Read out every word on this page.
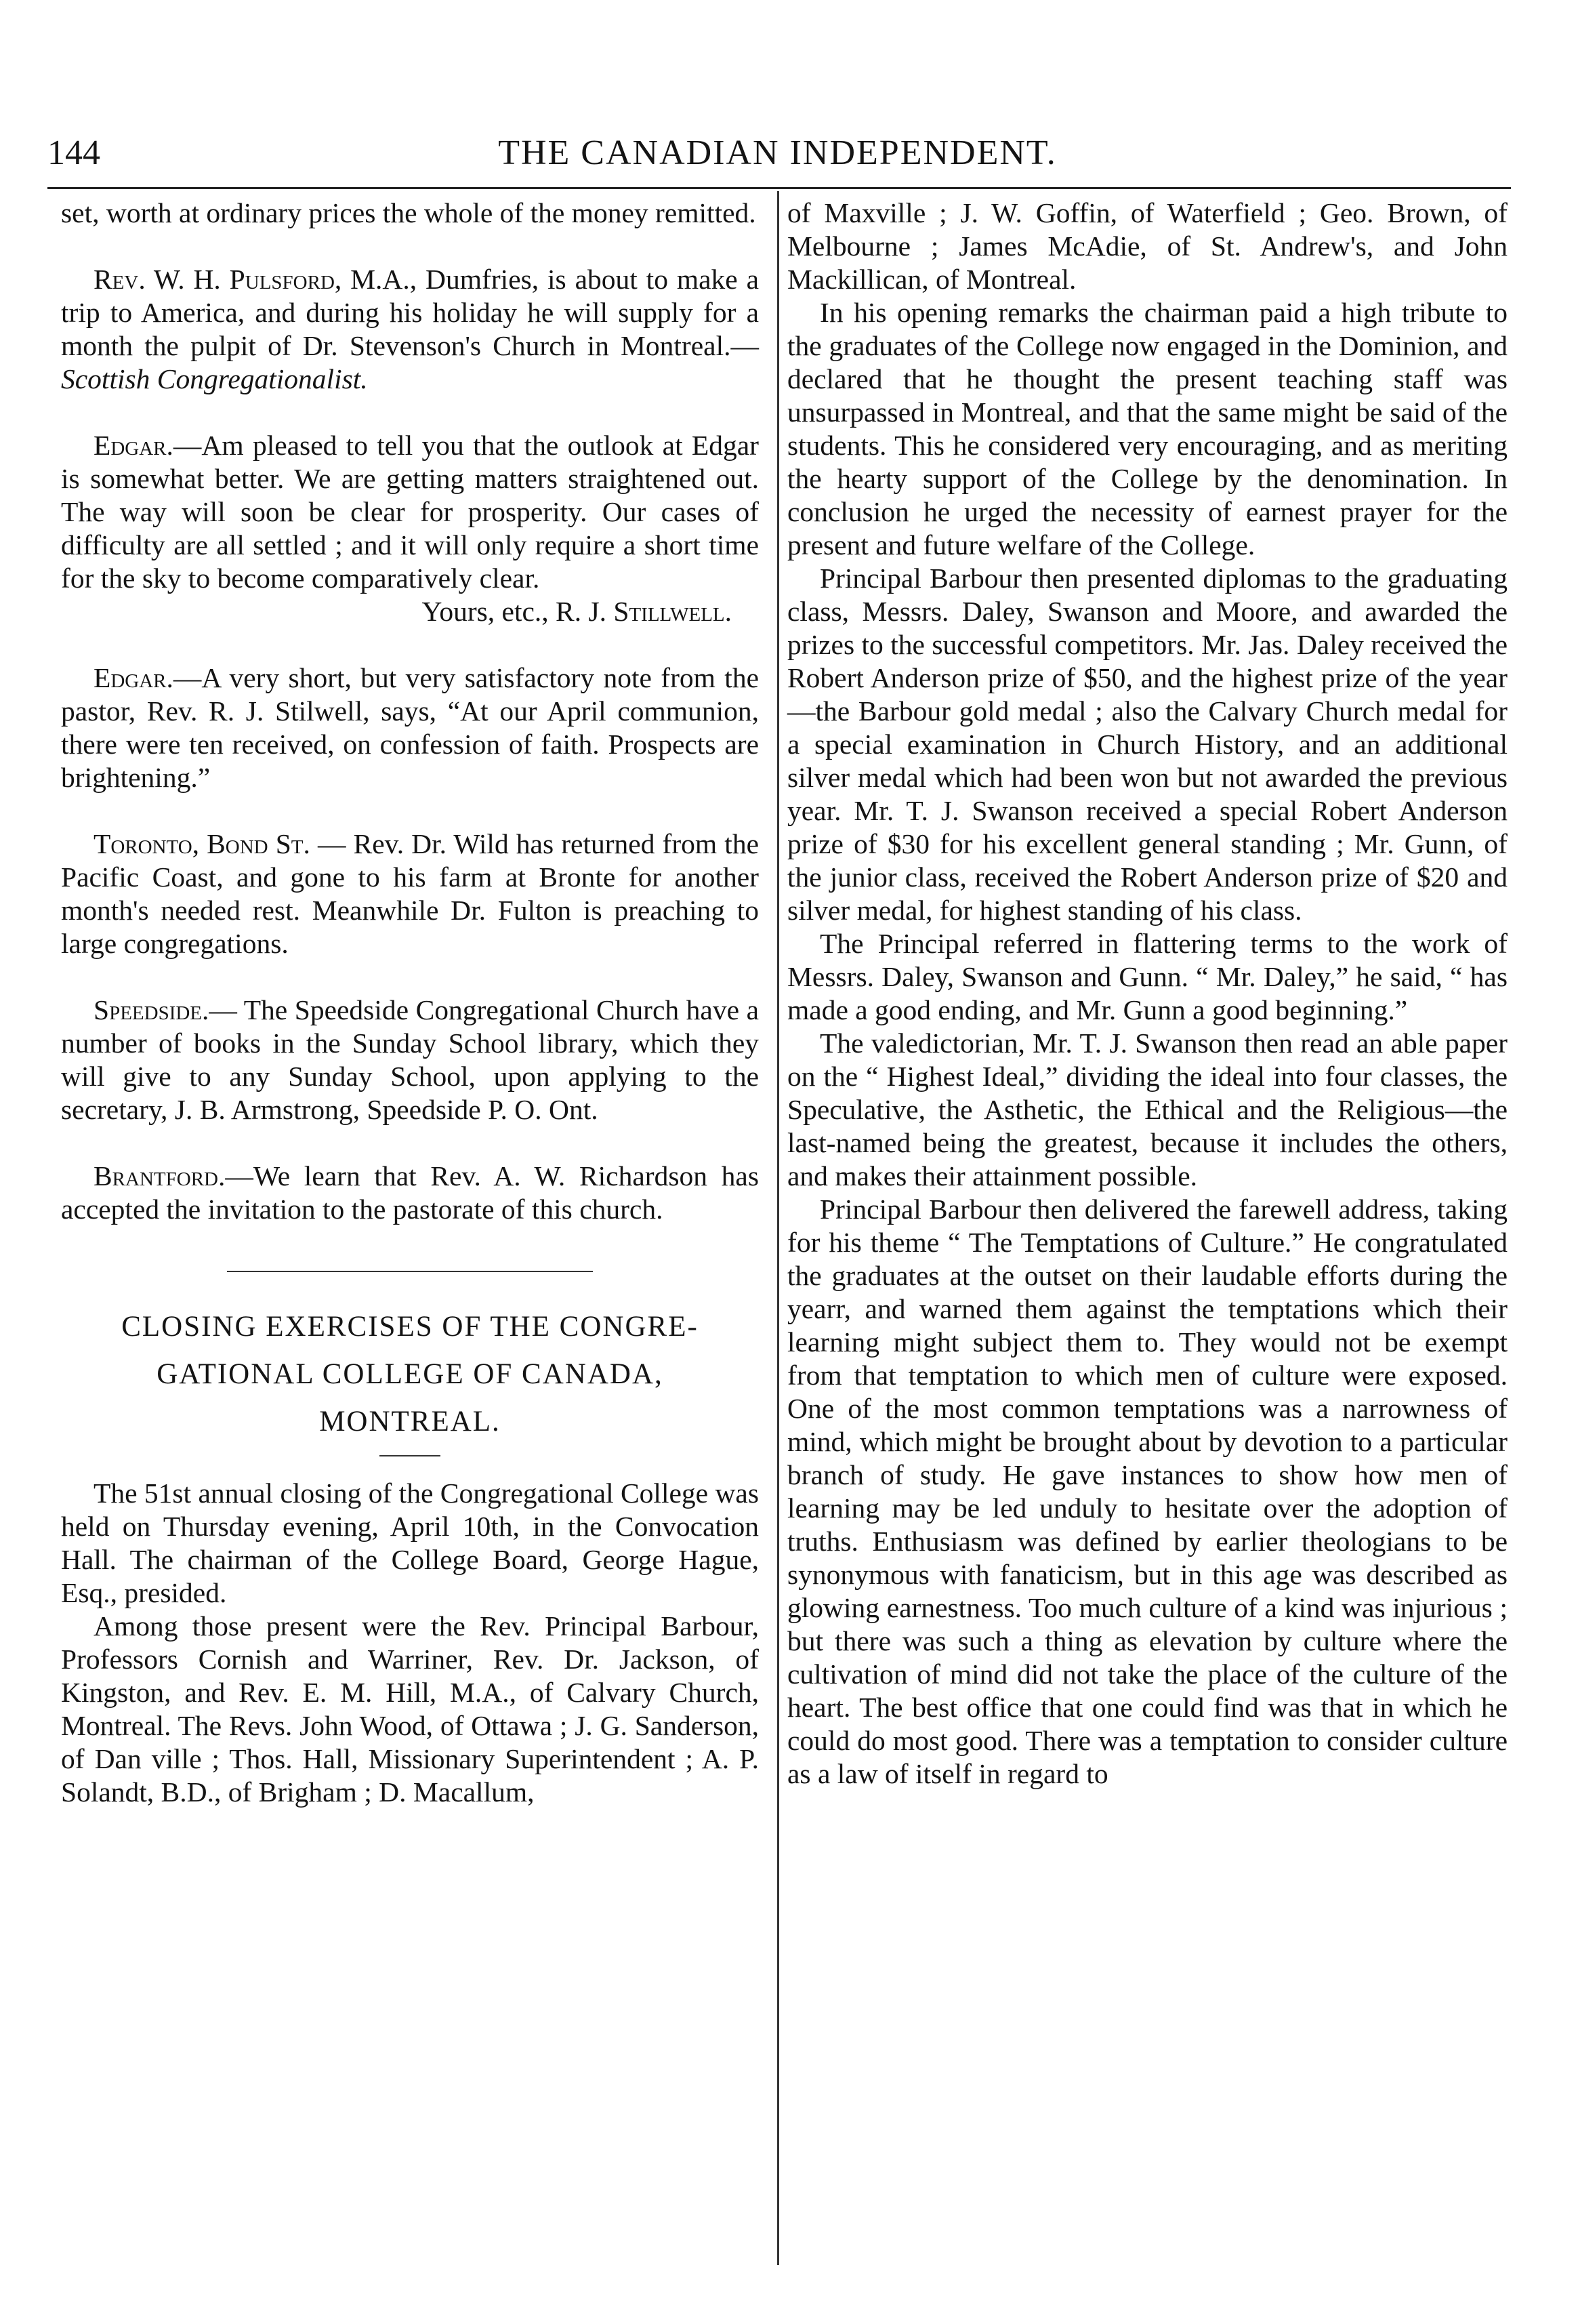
144	THE CANADIAN INDEPENDENT.

set, worth at ordinary prices the whole of the money remitted.

Rev. W. H. Pulsford, M.A., Dumfries, is about to make a trip to America, and during his holiday he will supply for a month the pulpit of Dr. Stevenson's Church in Montreal.—Scottish Congregationalist.

Edgar.—Am pleased to tell you that the outlook at Edgar is somewhat better. We are getting matters straightened out. The way will soon be clear for prosperity. Our cases of difficulty are all settled ; and it will only require a short time for the sky to become comparatively clear.

Yours, etc., R. J. Stillwell.

Edgar.—A very short, but very satisfactory note from the pastor, Rev. R. J. Stilwell, says, “At our April communion, there were ten received, on confession of faith. Prospects are brightening.”

Toronto, Bond St. — Rev. Dr. Wild has returned from the Pacific Coast, and gone to his farm at Bronte for another month's needed rest. Meanwhile Dr. Fulton is preaching to large congregations.

Speedside.— The Speedside Congregational Church have a number of books in the Sunday School library, which they will give to any Sunday School, upon applying to the secretary, J. B. Armstrong, Speedside P. O. Ont.

Brantford.—We learn that Rev. A. W. Richardson has accepted the invitation to the pastorate of this church.

CLOSING EXERCISES OF THE CONGRE-
GATIONAL COLLEGE OF CANADA,
MONTREAL.

The 51st annual closing of the Congregational College was held on Thursday evening, April 10th, in the Convocation Hall. The chairman of the College Board, George Hague, Esq., presided.

Among those present were the Rev. Principal Barbour, Professors Cornish and Warriner, Rev. Dr. Jackson, of Kingston, and Rev. E. M. Hill, M.A., of Calvary Church, Montreal. The Revs. John Wood, of Ottawa ; J. G. Sanderson, of Dan ville ; Thos. Hall, Missionary Superintendent ; A. P. Solandt, B.D., of Brigham ; D. Macallum,

of Maxville ; J. W. Goffin, of Waterfield ; Geo. Brown, of Melbourne ; James McAdie, of St. Andrew's, and John Mackillican, of Montreal.

In his opening remarks the chairman paid a high tribute to the graduates of the College now engaged in the Dominion, and declared that he thought the present teaching staff was unsurpassed in Montreal, and that the same might be said of the students. This he considered very encouraging, and as meriting the hearty support of the College by the denomination. In conclusion he urged the necessity of earnest prayer for the present and future welfare of the College.

Principal Barbour then presented diplomas to the graduating class, Messrs. Daley, Swanson and Moore, and awarded the prizes to the successful competitors. Mr. Jas. Daley received the Robert Anderson prize of $50, and the highest prize of the year—the Barbour gold medal ; also the Calvary Church medal for a special examination in Church History, and an additional silver medal which had been won but not awarded the previous year. Mr. T. J. Swanson received a special Robert Anderson prize of $30 for his excellent general standing ; Mr. Gunn, of the junior class, received the Robert Anderson prize of $20 and silver medal, for highest standing of his class.

The Principal referred in flattering terms to the work of Messrs. Daley, Swanson and Gunn. “ Mr. Daley,” he said, “ has made a good ending, and Mr. Gunn a good beginning.”

The valedictorian, Mr. T. J. Swanson then read an able paper on the “ Highest Ideal,” dividing the ideal into four classes, the Speculative, the Asthetic, the Ethical and the Religious—the last-named being the greatest, because it includes the others, and makes their attainment possible.

Principal Barbour then delivered the farewell address, taking for his theme “ The Temptations of Culture.” He congratulated the graduates at the outset on their laudable efforts during the yearr, and warned them against the temptations which their learning might subject them to. They would not be exempt from that temptation to which men of culture were exposed. One of the most common temptations was a narrowness of mind, which might be brought about by devotion to a particular branch of study. He gave instances to show how men of learning may be led unduly to hesitate over the adoption of truths. Enthusiasm was defined by earlier theologians to be synonymous with fanaticism, but in this age was described as glowing earnestness. Too much culture of a kind was injurious ; but there was such a thing as elevation by culture where the cultivation of mind did not take the place of the culture of the heart. The best office that one could find was that in which he could do most good. There was a temptation to consider culture as a law of itself in regard to
